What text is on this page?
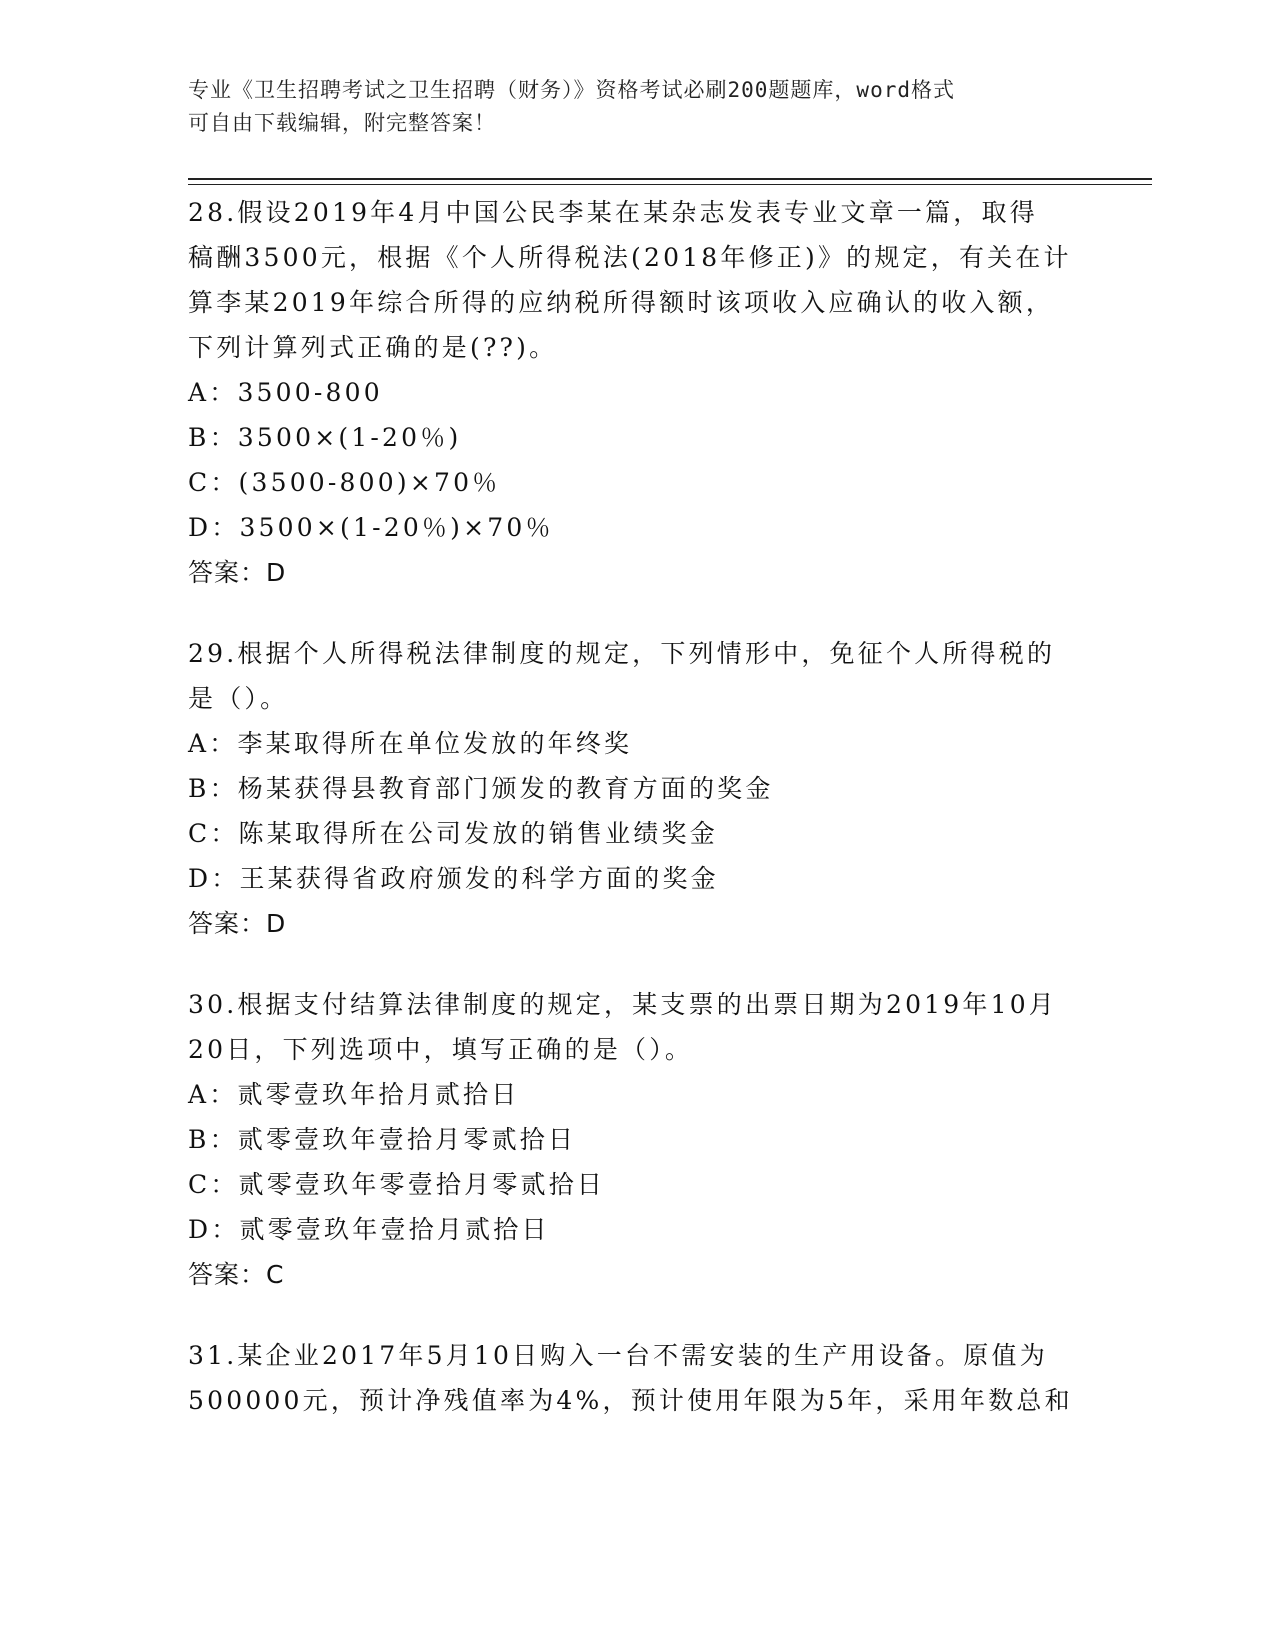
专业《卫生招聘考试之卫生招聘（财务）》资格考试必刷200题题库，word格式
可自由下载编辑，附完整答案！

28.假设2019年4月中国公民李某在某杂志发表专业文章一篇，取得

稿酬3500元，根据《个人所得税法(2018年修正)》的规定，有关在计

算李某2019年综合所得的应纳税所得额时该项收入应确认的收入额，

下列计算列式正确的是(??)。

A：3500-800

B：3500×(1-20％)

C：(3500-800)×70％

D：3500×(1-20％)×70％

答案：D

29.根据个人所得税法律制度的规定，下列情形中，免征个人所得税的

是（）。

A：李某取得所在单位发放的年终奖

B：杨某获得县教育部门颁发的教育方面的奖金

C：陈某取得所在公司发放的销售业绩奖金

D：王某获得省政府颁发的科学方面的奖金

答案：D

30.根据支付结算法律制度的规定，某支票的出票日期为2019年10月

20日，下列选项中，填写正确的是（）。

A：贰零壹玖年拾月贰拾日

B：贰零壹玖年壹拾月零贰拾日

C：贰零壹玖年零壹拾月零贰拾日

D：贰零壹玖年壹拾月贰拾日

答案：C

31.某企业2017年5月10日购入一台不需安装的生产用设备。原值为

500000元，预计净残值率为4%，预计使用年限为5年，采用年数总和
